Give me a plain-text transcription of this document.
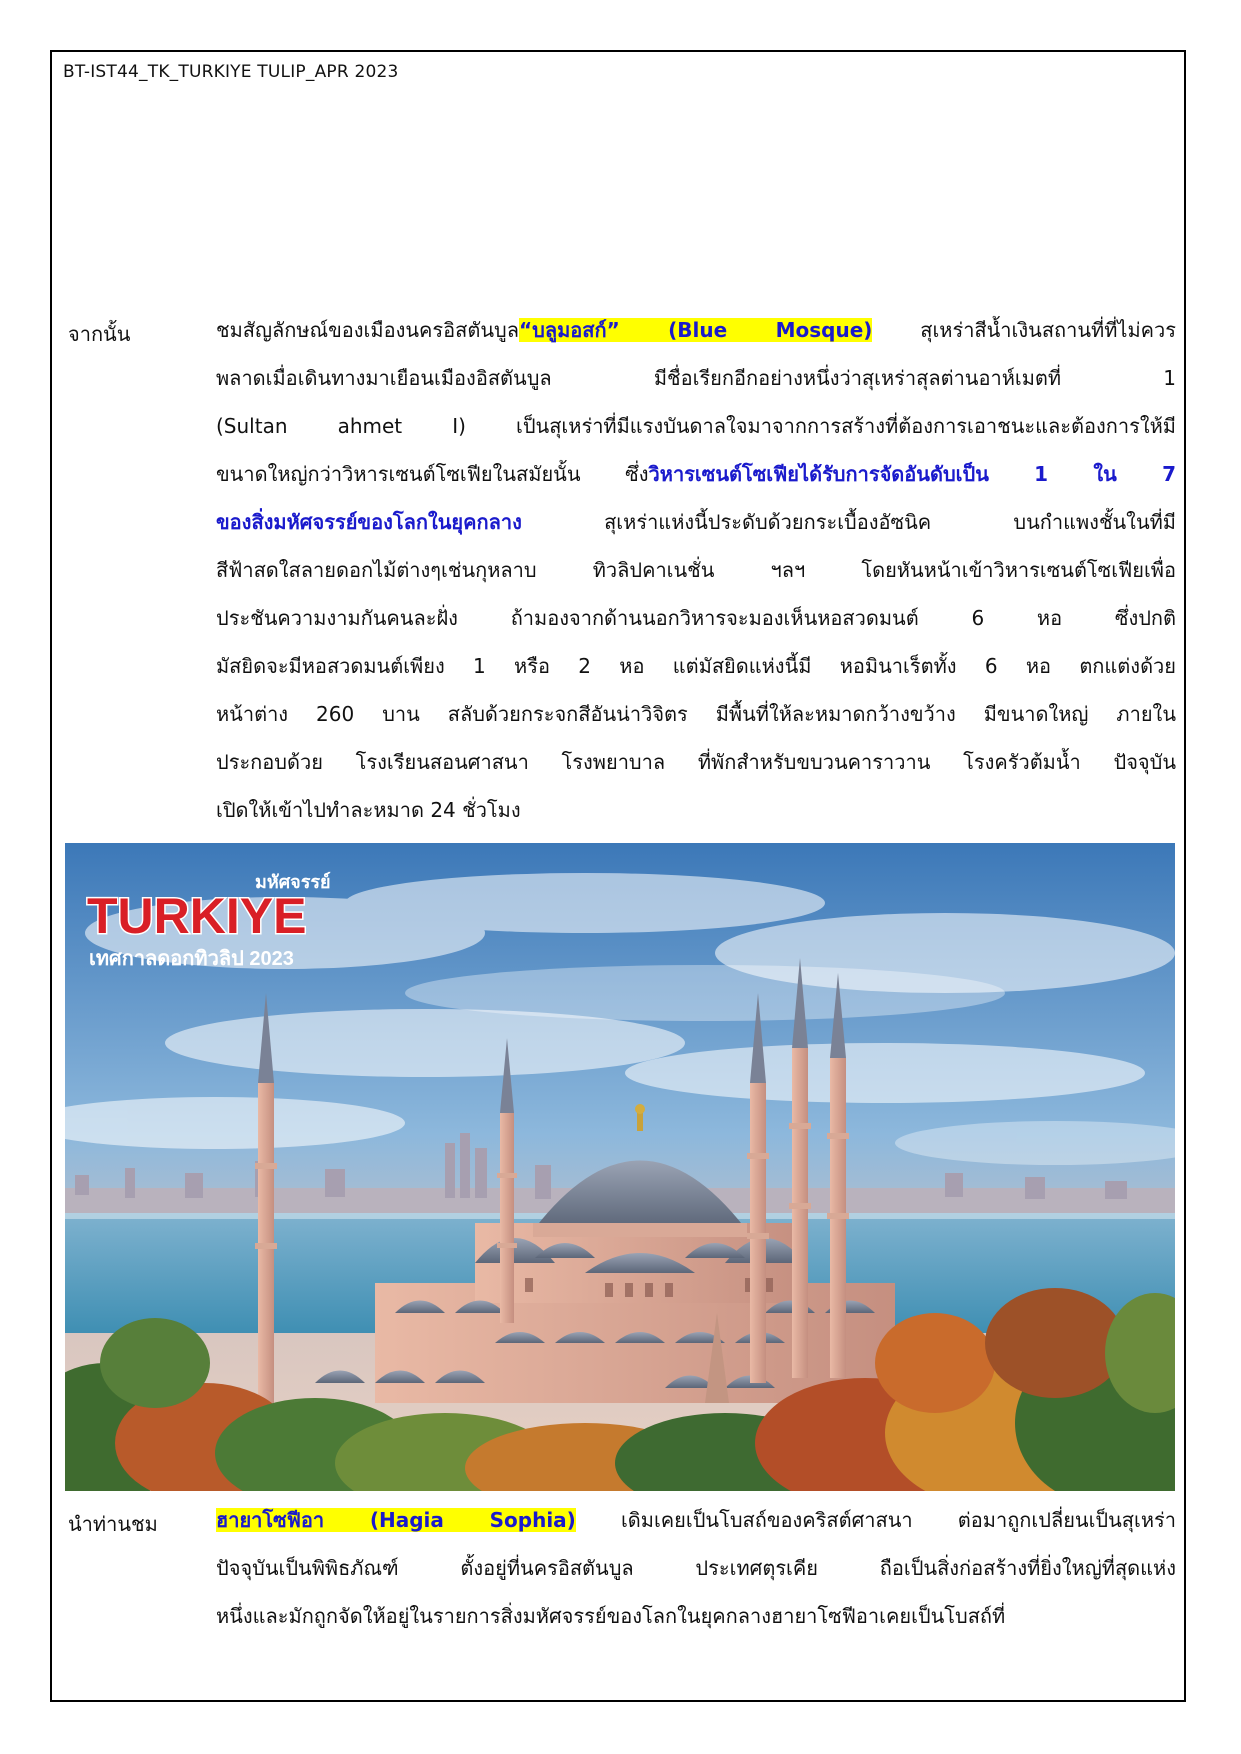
BT-IST44_TK_TURKIYE TULIP_APR 2023
จากนั้น	ชมสัญลักษณ์ของเมืองนครอิสตันบูล“บลูมอสก์” (Blue Mosque) สุเหร่าสีน้ำเงินสถานที่ที่ไม่ควร
พลาดเมื่อเดินทางมาเยือนเมืองอิสตันบูล มีชื่อเรียกอีกอย่างหนึ่งว่าสุเหร่าสุลต่านอาห์เมตที่ 1
(Sultan ahmet I) เป็นสุเหร่าที่มีแรงบันดาลใจมาจากการสร้างที่ต้องการเอาชนะและต้องการให้มี
ขนาดใหญ่กว่าวิหารเซนต์โซเฟียในสมัยนั้น ซึ่งวิหารเซนต์โซเฟียได้รับการจัดอันดับเป็น 1 ใน 7
ของสิ่งมหัศจรรย์ของโลกในยุคกลาง สุเหร่าแห่งนี้ประดับด้วยกระเบื้องอัซนิค บนกำแพงชั้นในที่มี
สีฟ้าสดใสลายดอกไม้ต่างๆเช่นกุหลาบ ทิวลิปคาเนชั่น ฯลฯ โดยหันหน้าเข้าวิหารเซนต์โซเฟียเพื่อ
ประชันความงามกันคนละฝั่ง ถ้ามองจากด้านนอกวิหารจะมองเห็นหอสวดมนต์ 6 หอ ซึ่งปกติ
มัสยิดจะมีหอสวดมนต์เพียง 1 หรือ 2 หอ แต่มัสยิดแห่งนี้มี หอมินาเร็ตทั้ง 6 หอ ตกแต่งด้วย
หน้าต่าง 260 บาน สลับด้วยกระจกสีอันน่าวิจิตร มีพื้นที่ให้ละหมาดกว้างขว้าง มีขนาดใหญ่ ภายใน
ประกอบด้วย โรงเรียนสอนศาสนา โรงพยาบาล ที่พักสำหรับขบวนคาราวาน โรงครัวต้มน้ำ ปัจจุบัน
เปิดให้เข้าไปทำละหมาด 24 ชั่วโมง
มหัศจรรย์
TURKIYE
เทศกาลดอกทิวลิป 2023
นำท่านชม	ฮายาโซฟีอา (Hagia Sophia) เดิมเคยเป็นโบสถ์ของคริสต์ศาสนา ต่อมาถูกเปลี่ยนเป็นสุเหร่า
ปัจจุบันเป็นพิพิธภัณฑ์ ตั้งอยู่ที่นครอิสตันบูล ประเทศตุรเคีย ถือเป็นสิ่งก่อสร้างที่ยิ่งใหญ่ที่สุดแห่ง
หนึ่งและมักถูกจัดให้อยู่ในรายการสิ่งมหัศจรรย์ของโลกในยุคกลางฮายาโซฟีอาเคยเป็นโบสถ์ที่
